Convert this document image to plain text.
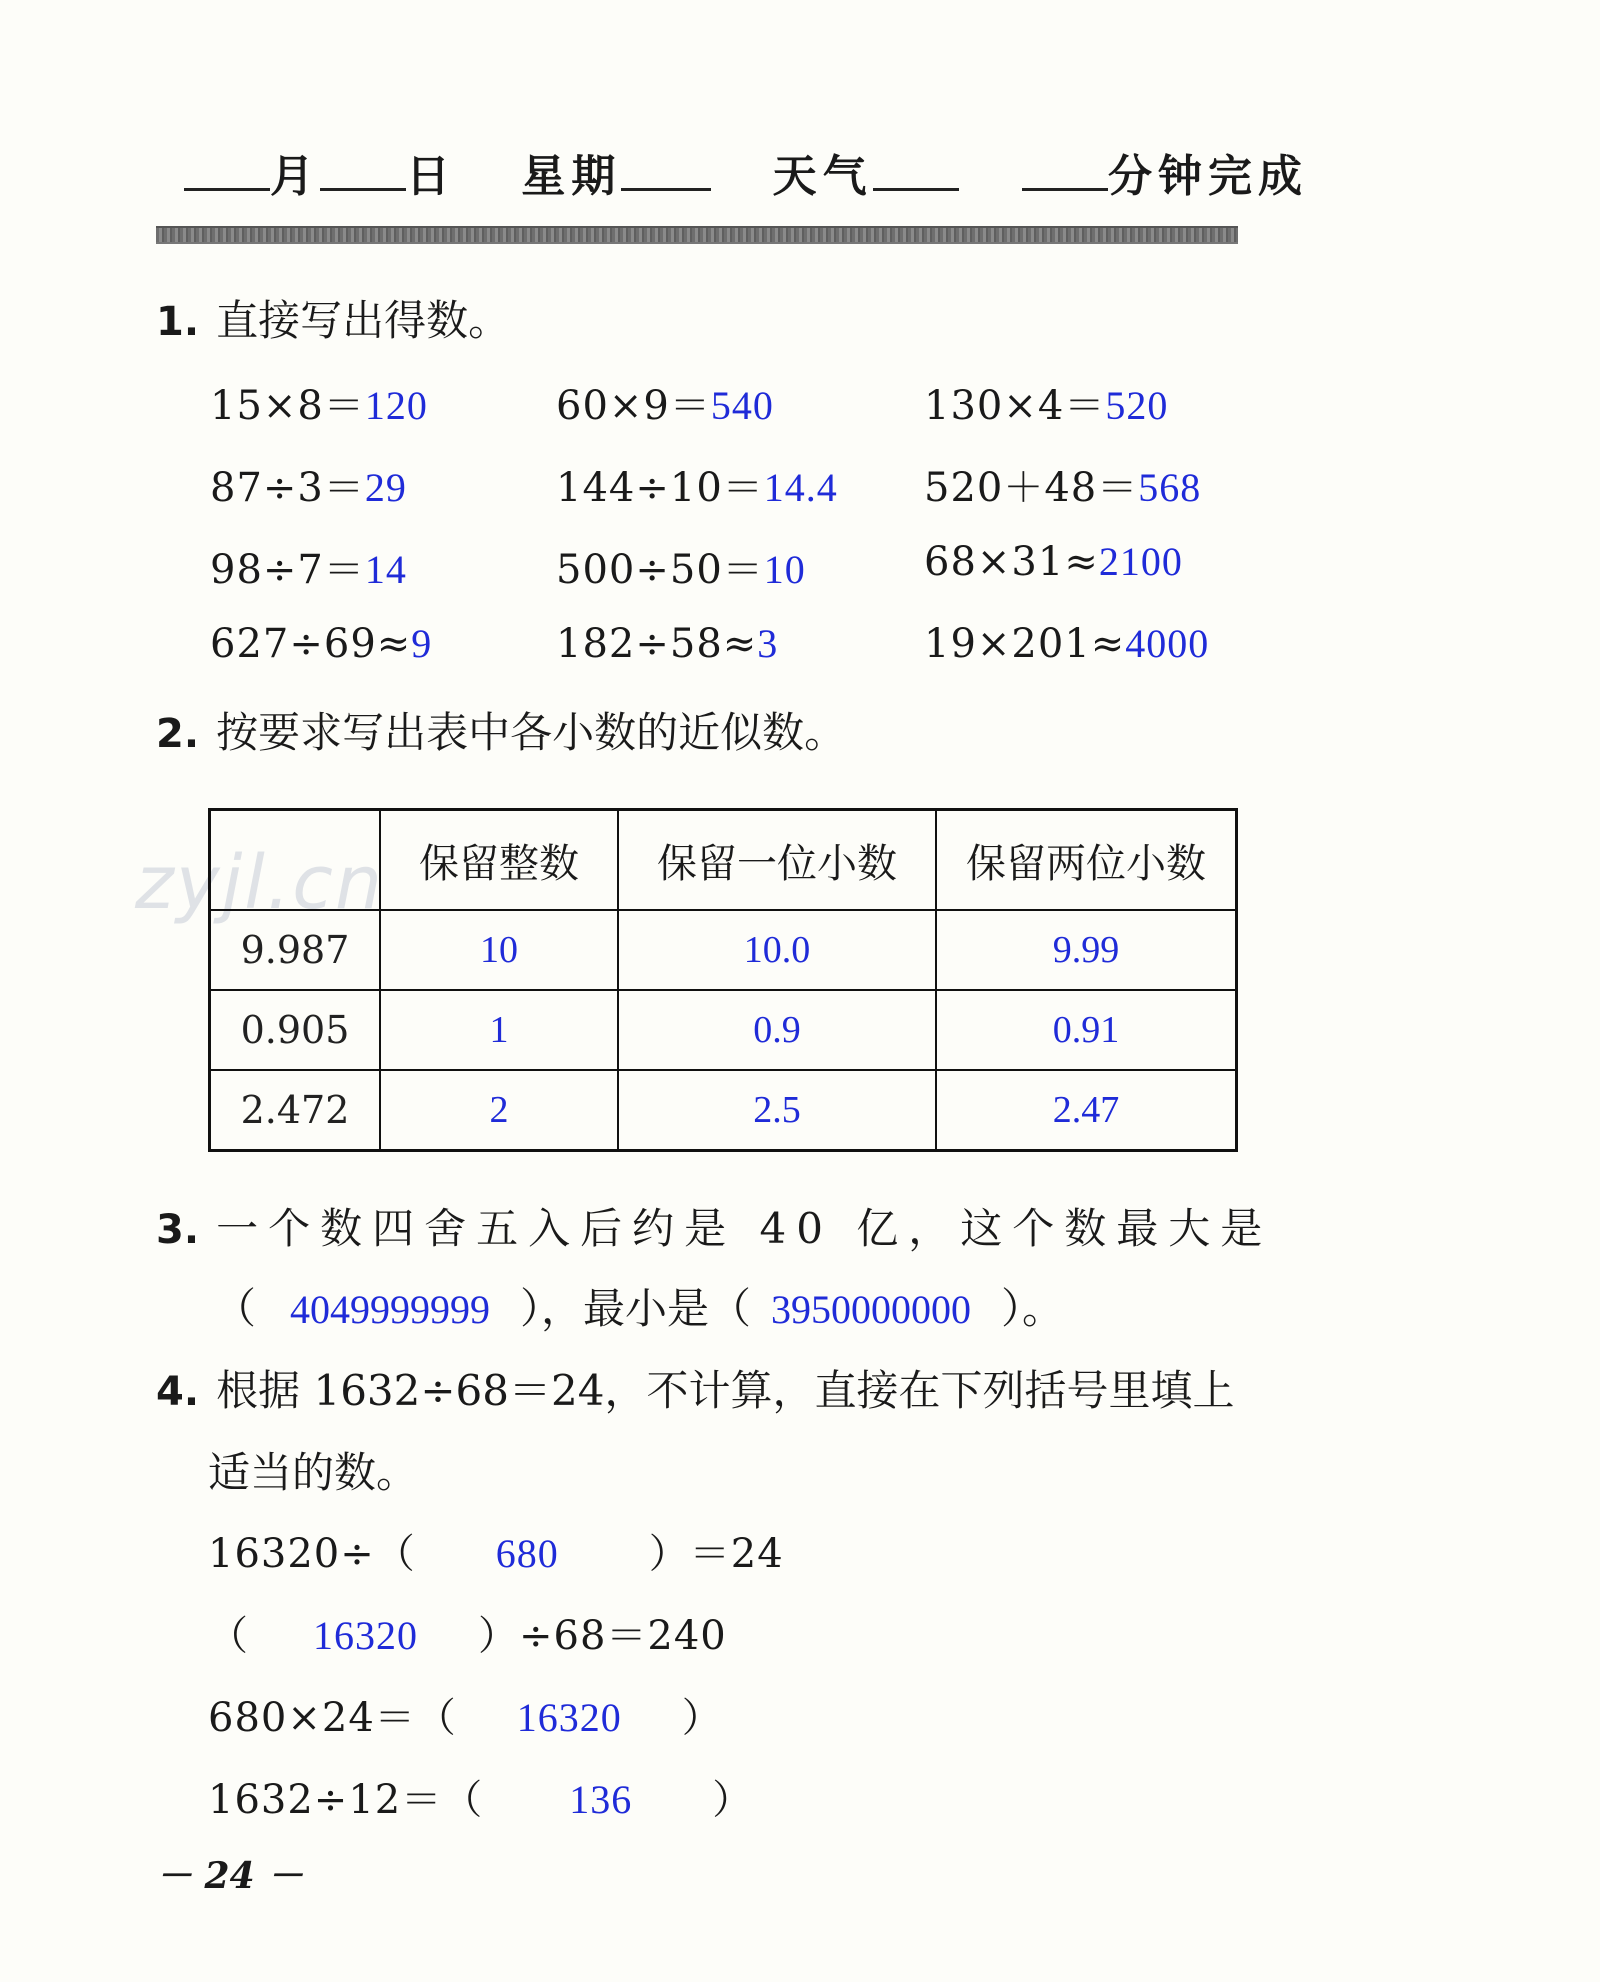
月 日 星期	天气	分钟完成
1. 直接写出得数。
15×8＝120	60×9＝540	130×4＝520
87÷3＝29	144÷10＝14.4 520＋48＝568
98÷7＝14	500÷50＝10	68×31≈2100
627÷69≈9	182÷58≈3	19×201≈4000
2. 按要求写出表中各小数的近似数。
zyjl.cn
	保留整数	保留一位小数	保留两位小数
9.987	10	10.0	9.99
0.905	1	0.9	0.91
2.472	2	2.5	2.47
3. 一个数四舍五入后约是 40 亿，这个数最大是
（ 4049999999 ），最小是（ 3950000000 ）。
4. 根据 1632÷68＝24，不计算，直接在下列括号里填上
适当的数。
16320÷（ 680 ）＝24
（ 16320 ）÷68＝240
680×24＝（ 16320 ）
1632÷12＝（ 136 ）
－ 24 －
